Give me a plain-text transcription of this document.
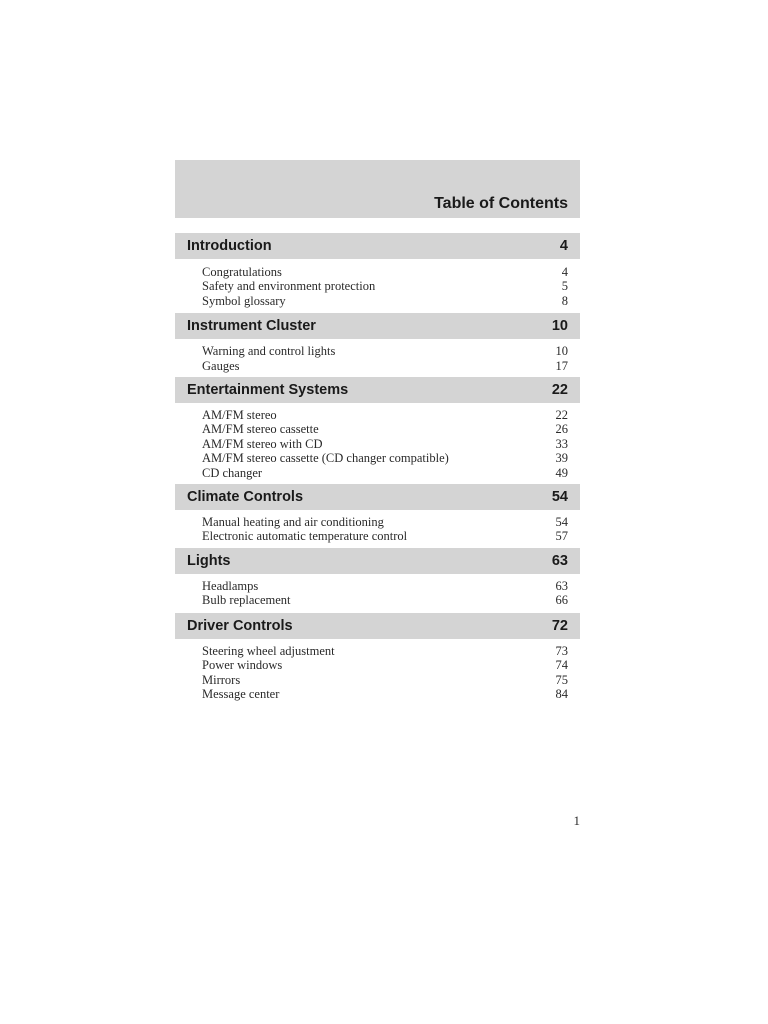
Table of Contents
Introduction	4
Congratulations	4
Safety and environment protection	5
Symbol glossary	8
Instrument Cluster	10
Warning and control lights	10
Gauges	17
Entertainment Systems	22
AM/FM stereo	22
AM/FM stereo cassette	26
AM/FM stereo with CD	33
AM/FM stereo cassette (CD changer compatible)	39
CD changer	49
Climate Controls	54
Manual heating and air conditioning	54
Electronic automatic temperature control	57
Lights	63
Headlamps	63
Bulb replacement	66
Driver Controls	72
Steering wheel adjustment	73
Power windows	74
Mirrors	75
Message center	84
1
